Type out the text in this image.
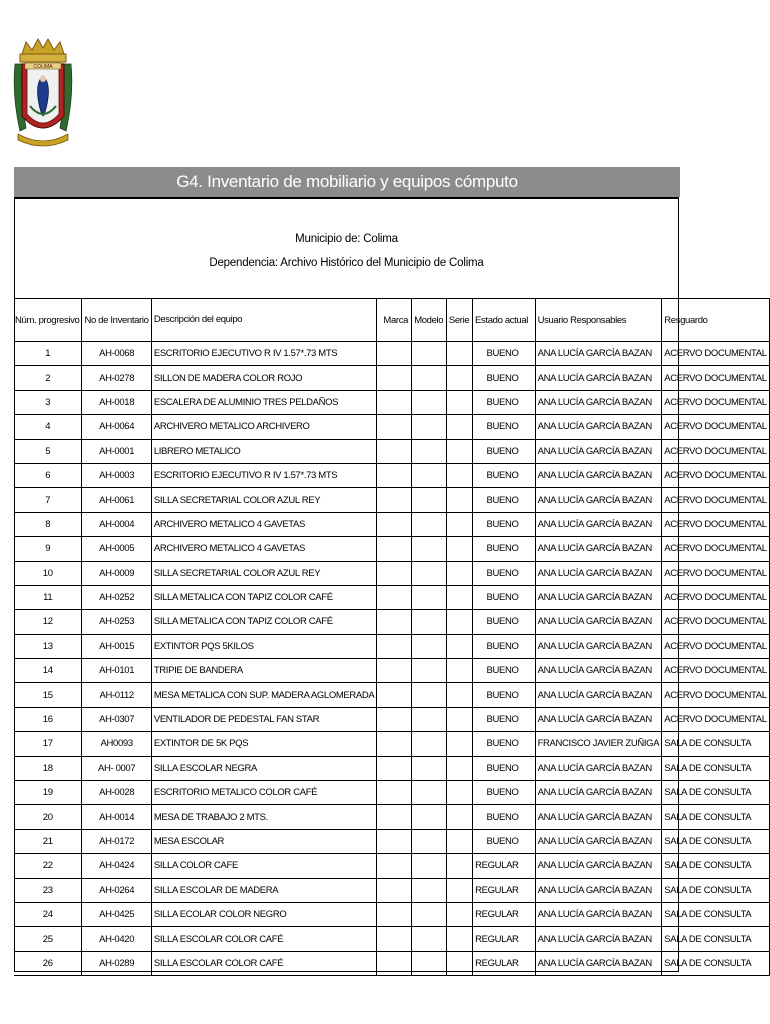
COLIMA
G4. Inventario de mobiliario y equipos cómputo
Municipio de: Colima
Dependencia: Archivo Histórico del Municipio de Colima
Núm. progresivo	No de Inventario	Descripción del equipo	Marca	Modelo	Serie	Estado actual	Usuario Responsables	Resguardo
1	AH-0068	ESCRITORIO EJECUTIVO R IV 1.57*.73 MTS				BUENO	ANA LUCÍA GARCÍA BAZAN	ACERVO DOCUMENTAL
2	AH-0278	SILLON DE MADERA COLOR ROJO				BUENO	ANA LUCÍA GARCÍA BAZAN	ACERVO DOCUMENTAL
3	AH-0018	ESCALERA DE ALUMINIO TRES PELDAÑOS				BUENO	ANA LUCÍA GARCÍA BAZAN	ACERVO DOCUMENTAL
4	AH-0064	ARCHIVERO METALICO ARCHIVERO				BUENO	ANA LUCÍA GARCÍA BAZAN	ACERVO DOCUMENTAL
5	AH-0001	LIBRERO METALICO				BUENO	ANA LUCÍA GARCÍA BAZAN	ACERVO DOCUMENTAL
6	AH-0003	ESCRITORIO EJECUTIVO R IV 1.57*.73 MTS				BUENO	ANA LUCÍA GARCÍA BAZAN	ACERVO DOCUMENTAL
7	AH-0061	SILLA SECRETARIAL COLOR AZUL REY				BUENO	ANA LUCÍA GARCÍA BAZAN	ACERVO DOCUMENTAL
8	AH-0004	ARCHIVERO METALICO 4 GAVETAS				BUENO	ANA LUCÍA GARCÍA BAZAN	ACERVO DOCUMENTAL
9	AH-0005	ARCHIVERO METALICO 4 GAVETAS				BUENO	ANA LUCÍA GARCÍA BAZAN	ACERVO DOCUMENTAL
10	AH-0009	SILLA SECRETARIAL COLOR AZUL REY				BUENO	ANA LUCÍA GARCÍA BAZAN	ACERVO DOCUMENTAL
11	AH-0252	SILLA METALICA CON TAPIZ COLOR CAFÉ				BUENO	ANA LUCÍA GARCÍA BAZAN	ACERVO DOCUMENTAL
12	AH-0253	SILLA METALICA CON TAPIZ COLOR CAFÉ				BUENO	ANA LUCÍA GARCÍA BAZAN	ACERVO DOCUMENTAL
13	AH-0015	EXTINTOR PQS 5KILOS				BUENO	ANA LUCÍA GARCÍA BAZAN	ACERVO DOCUMENTAL
14	AH-0101	TRIPIE DE BANDERA				BUENO	ANA LUCÍA GARCÍA BAZAN	ACERVO DOCUMENTAL
15	AH-0112	MESA METALICA CON SUP. MADERA AGLOMERADA				BUENO	ANA LUCÍA GARCÍA BAZAN	ACERVO DOCUMENTAL
16	AH-0307	VENTILADOR DE PEDESTAL FAN STAR				BUENO	ANA LUCÍA GARCÍA BAZAN	ACERVO DOCUMENTAL
17	AH0093	EXTINTOR DE 5K PQS				BUENO	FRANCISCO JAVIER ZUÑIGA	SALA DE CONSULTA
18	AH- 0007	SILLA ESCOLAR NEGRA				BUENO	ANA LUCÍA GARCÍA BAZAN	SALA DE CONSULTA
19	AH-0028	ESCRITORIO METALICO COLOR CAFÉ				BUENO	ANA LUCÍA GARCÍA BAZAN	SALA DE CONSULTA
20	AH-0014	MESA DE TRABAJO 2 MTS.				BUENO	ANA LUCÍA GARCÍA BAZAN	SALA DE CONSULTA
21	AH-0172	MESA ESCOLAR				BUENO	ANA LUCÍA GARCÍA BAZAN	SALA DE CONSULTA
22	AH-0424	SILLA COLOR CAFE				REGULAR	ANA LUCÍA GARCÍA BAZAN	SALA DE CONSULTA
23	AH-0264	SILLA ESCOLAR DE MADERA				REGULAR	ANA LUCÍA GARCÍA BAZAN	SALA DE CONSULTA
24	AH-0425	SILLA ECOLAR COLOR NEGRO				REGULAR	ANA LUCÍA GARCÍA BAZAN	SALA DE CONSULTA
25	AH-0420	SILLA ESCOLAR COLOR CAFÉ				REGULAR	ANA LUCÍA GARCÍA BAZAN	SALA DE CONSULTA
26	AH-0289	SILLA ESCOLAR COLOR CAFÉ				REGULAR	ANA LUCÍA GARCÍA BAZAN	SALA DE CONSULTA
